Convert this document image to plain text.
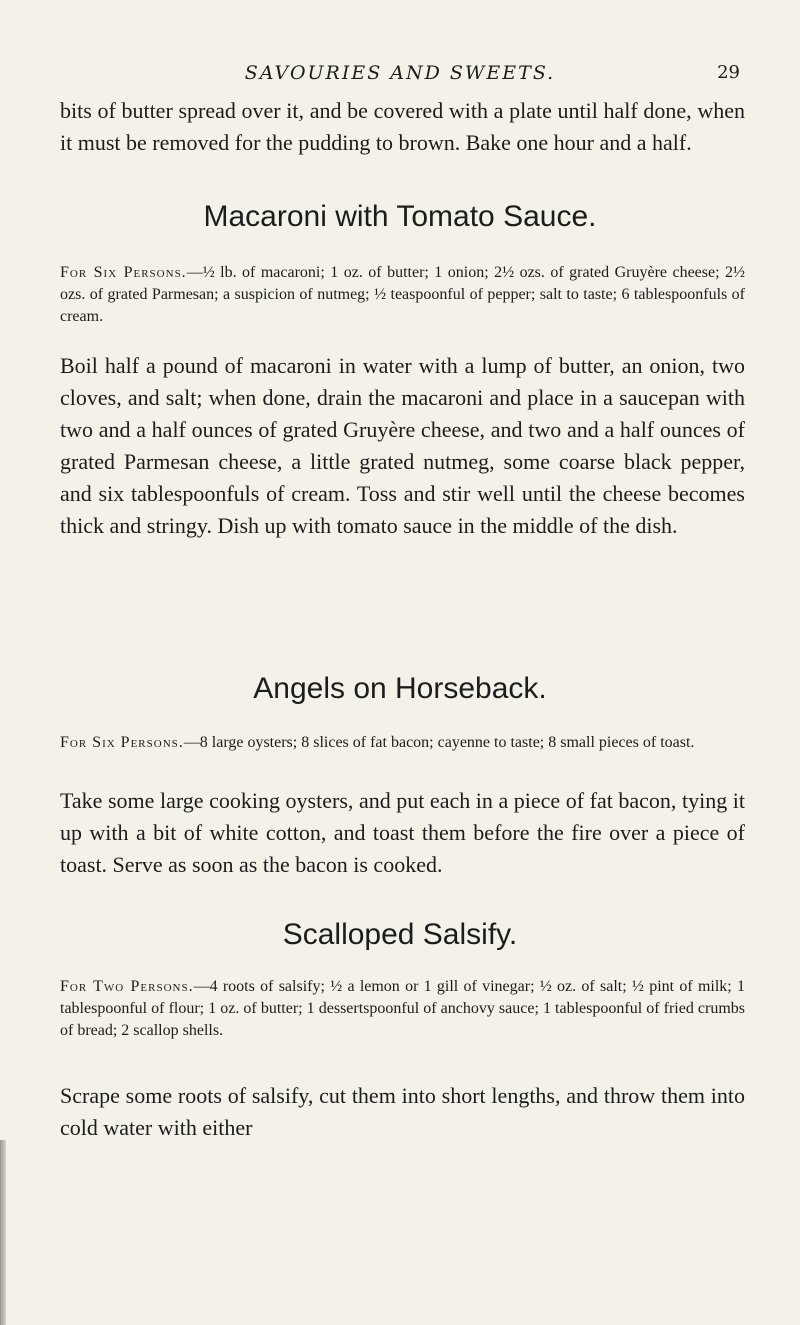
SAVOURIES AND SWEETS.	29

bits of butter spread over it, and be covered with a plate until half done, when it must be removed for the pudding to brown. Bake one hour and a half.

Macaroni with Tomato Sauce.

For Six Persons.—½ lb. of macaroni; 1 oz. of butter; 1 onion; 2½ ozs. of grated Gruyère cheese; 2½ ozs. of grated Parmesan; a suspicion of nutmeg; ½ teaspoonful of pepper; salt to taste; 6 tablespoonfuls of cream.

Boil half a pound of macaroni in water with a lump of butter, an onion, two cloves, and salt; when done, drain the macaroni and place in a saucepan with two and a half ounces of grated Gruyère cheese, and two and a half ounces of grated Parmesan cheese, a little grated nutmeg, some coarse black pepper, and six tablespoonfuls of cream. Toss and stir well until the cheese becomes thick and stringy. Dish up with tomato sauce in the middle of the dish.

Angels on Horseback.

For Six Persons.—8 large oysters; 8 slices of fat bacon; cayenne to taste; 8 small pieces of toast.

Take some large cooking oysters, and put each in a piece of fat bacon, tying it up with a bit of white cotton, and toast them before the fire over a piece of toast. Serve as soon as the bacon is cooked.

Scalloped Salsify.

For Two Persons.—4 roots of salsify; ½ a lemon or 1 gill of vinegar; ½ oz. of salt; ½ pint of milk; 1 tablespoonful of flour; 1 oz. of butter; 1 dessertspoonful of anchovy sauce; 1 tablespoonful of fried crumbs of bread; 2 scallop shells.

Scrape some roots of salsify, cut them into short lengths, and throw them into cold water with either
